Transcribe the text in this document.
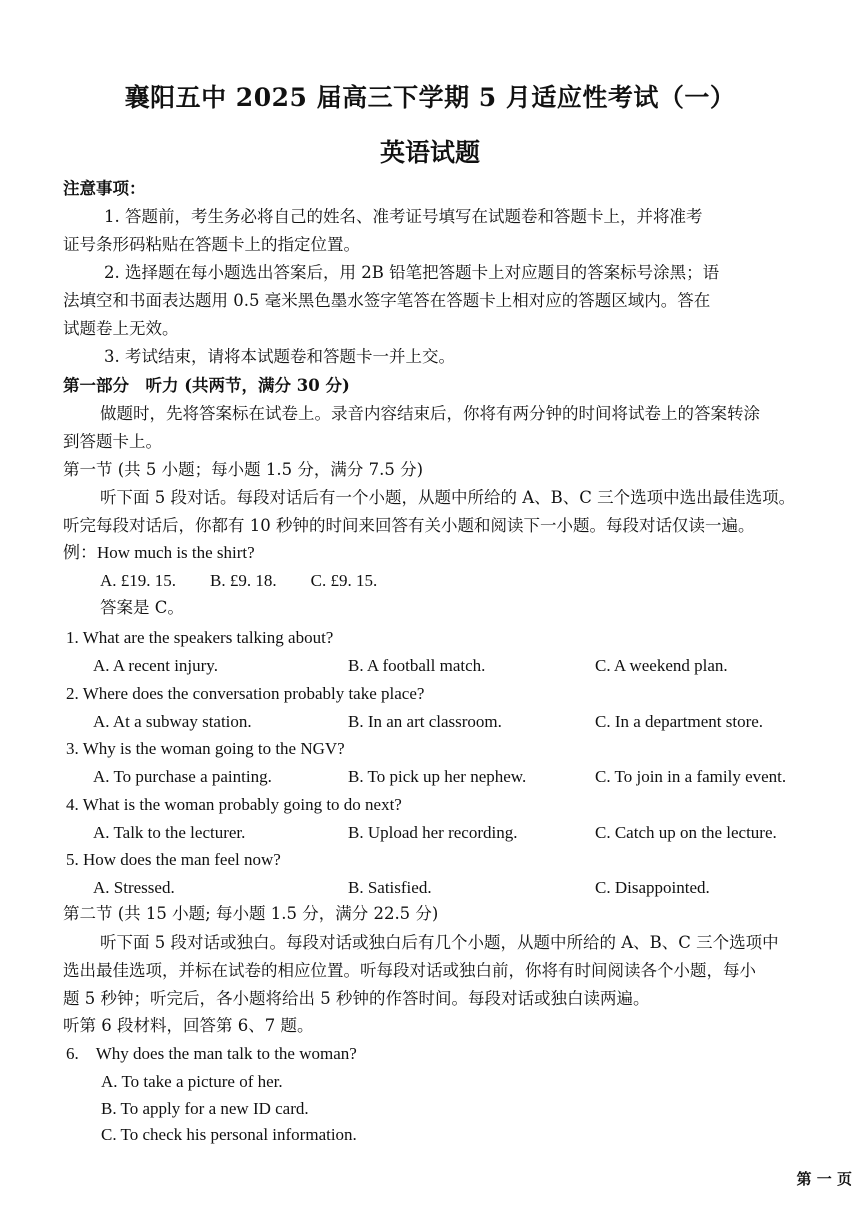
襄阳五中 2025 届高三下学期 5 月适应性考试（一）
英语试题
注意事项：
1. 答题前，考生务必将自己的姓名、准考证号填写在试题卷和答题卡上，并将准考
证号条形码粘贴在答题卡上的指定位置。
2. 选择题在每小题选出答案后，用 2B 铅笔把答题卡上对应题目的答案标号涂黑；语
法填空和书面表达题用 0.5 毫米黑色墨水签字笔答在答题卡上相对应的答题区域内。答在
试题卷上无效。
3. 考试结束，请将本试题卷和答题卡一并上交。
第一部分　听力 (共两节，满分 30 分)
做题时，先将答案标在试卷上。录音内容结束后，你将有两分钟的时间将试卷上的答案转涂
到答题卡上。
第一节 (共 5 小题；每小题 1.5 分，满分 7.5 分)
听下面 5 段对话。每段对话后有一个小题，从题中所给的 A、B、C 三个选项中选出最佳选项。
听完每段对话后，你都有 10 秒钟的时间来回答有关小题和阅读下一小题。每段对话仅读一遍。
例：How much is the shirt?
A. £19. 15.　　B. £9. 18.　　C. £9. 15.
答案是 C。
1. What are the speakers talking about?
A. A recent injury.	B. A football match.	C. A weekend plan.
2. Where does the conversation probably take place?
A. At a subway station.	B. In an art classroom.	C. In a department store.
3. Why is the woman going to the NGV?
A. To purchase a painting.	B. To pick up her nephew.	C. To join in a family event.
4. What is the woman probably going to do next?
A. Talk to the lecturer.	B. Upload her recording.	C. Catch up on the lecture.
5. How does the man feel now?
A. Stressed.	B. Satisfied.	C. Disappointed.
第二节 (共 15 小题; 每小题 1.5 分，满分 22.5 分)
听下面 5 段对话或独白。每段对话或独白后有几个小题，从题中所给的 A、B、C 三个选项中
选出最佳选项，并标在试卷的相应位置。听每段对话或独白前，你将有时间阅读各个小题，每小
题 5 秒钟；听完后，各小题将给出 5 秒钟的作答时间。每段对话或独白读两遍。
听第 6 段材料，回答第 6、7 题。
6.　Why does the man talk to the woman?
A. To take a picture of her.
B. To apply for a new ID card.
C. To check his personal information.
第 一 页
